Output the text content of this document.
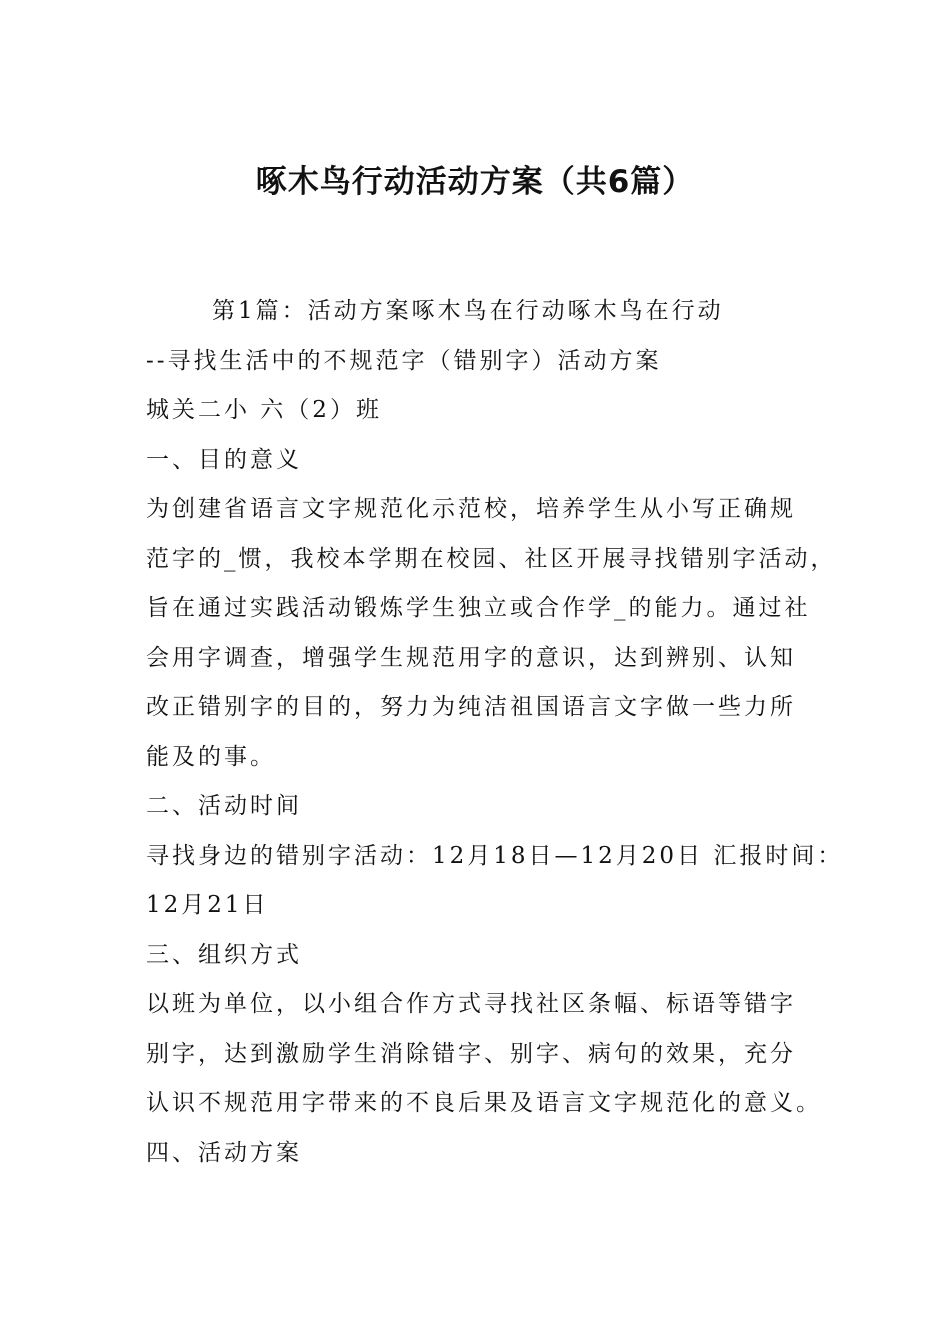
啄木鸟行动活动方案（共6篇）

第1篇：活动方案啄木鸟在行动啄木鸟在行动

--寻找生活中的不规范字（错别字）活动方案

城关二小 六（2）班

一、目的意义

为创建省语言文字规范化示范校，培养学生从小写正确规

范字的_惯，我校本学期在校园、社区开展寻找错别字活动，

旨在通过实践活动锻炼学生独立或合作学_的能力。通过社

会用字调查，增强学生规范用字的意识，达到辨别、认知

改正错别字的目的，努力为纯洁祖国语言文字做一些力所

能及的事。

二、活动时间

寻找身边的错别字活动：12月18日—12月20日 汇报时间：

12月21日

三、组织方式

以班为单位，以小组合作方式寻找社区条幅、标语等错字

别字，达到激励学生消除错字、别字、病句的效果，充分

认识不规范用字带来的不良后果及语言文字规范化的意义。

四、活动方案
